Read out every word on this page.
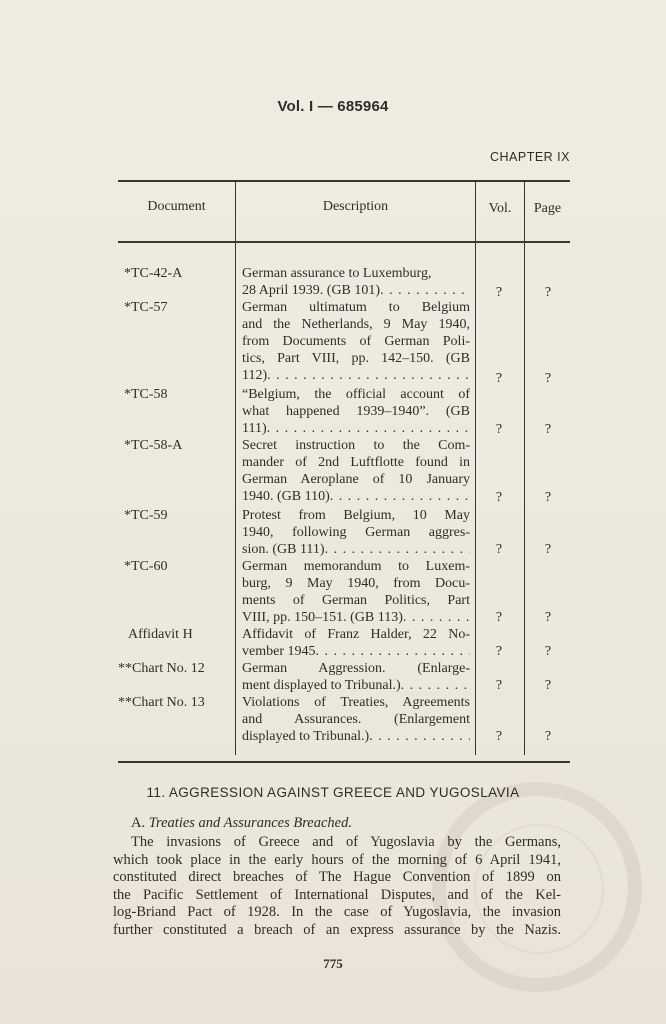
Vol. I — 685964
CHAPTER IX
Document	Description	Vol.	Page
*TC-42-A	German assurance to Luxemburg,
28 April 1939. (GB 101) . . .	?	?
*TC-57	German ultimatum to Belgium
and the Netherlands, 9 May 1940,
from Documents of German Poli-
tics, Part VIII, pp. 142–150. (GB
112) . . .	?	?
*TC-58	“Belgium, the official account of
what happened 1939–1940”. (GB
111) . . .	?	?
*TC-58-A	Secret instruction to the Com-
mander of 2nd Luftflotte found in
German Aeroplane of 10 January
1940. (GB 110) . . .	?	?
*TC-59	Protest from Belgium, 10 May
1940, following German aggres-
sion. (GB 111) . . .	?	?
*TC-60	German memorandum to Luxem-
burg, 9 May 1940, from Docu-
ments of German Politics, Part
VIII, pp. 150–151. (GB 113) . . .	?	?
Affidavit H	Affidavit of Franz Halder, 22 No-
vember 1945 . . .	?	?
**Chart No. 12	German Aggression. (Enlarge-
ment displayed to Tribunal.) . . .	?	?
**Chart No. 13	Violations of Treaties, Agreements
and Assurances. (Enlargement
displayed to Tribunal.) . . .	?	?
11. AGGRESSION AGAINST GREECE AND YUGOSLAVIA
A. Treaties and Assurances Breached.
The invasions of Greece and of Yugoslavia by the Germans,
which took place in the early hours of the morning of 6 April 1941,
constituted direct breaches of The Hague Convention of 1899 on
the Pacific Settlement of International Disputes, and of the Kel-
log-Briand Pact of 1928. In the case of Yugoslavia, the invasion
further constituted a breach of an express assurance by the Nazis.
775
